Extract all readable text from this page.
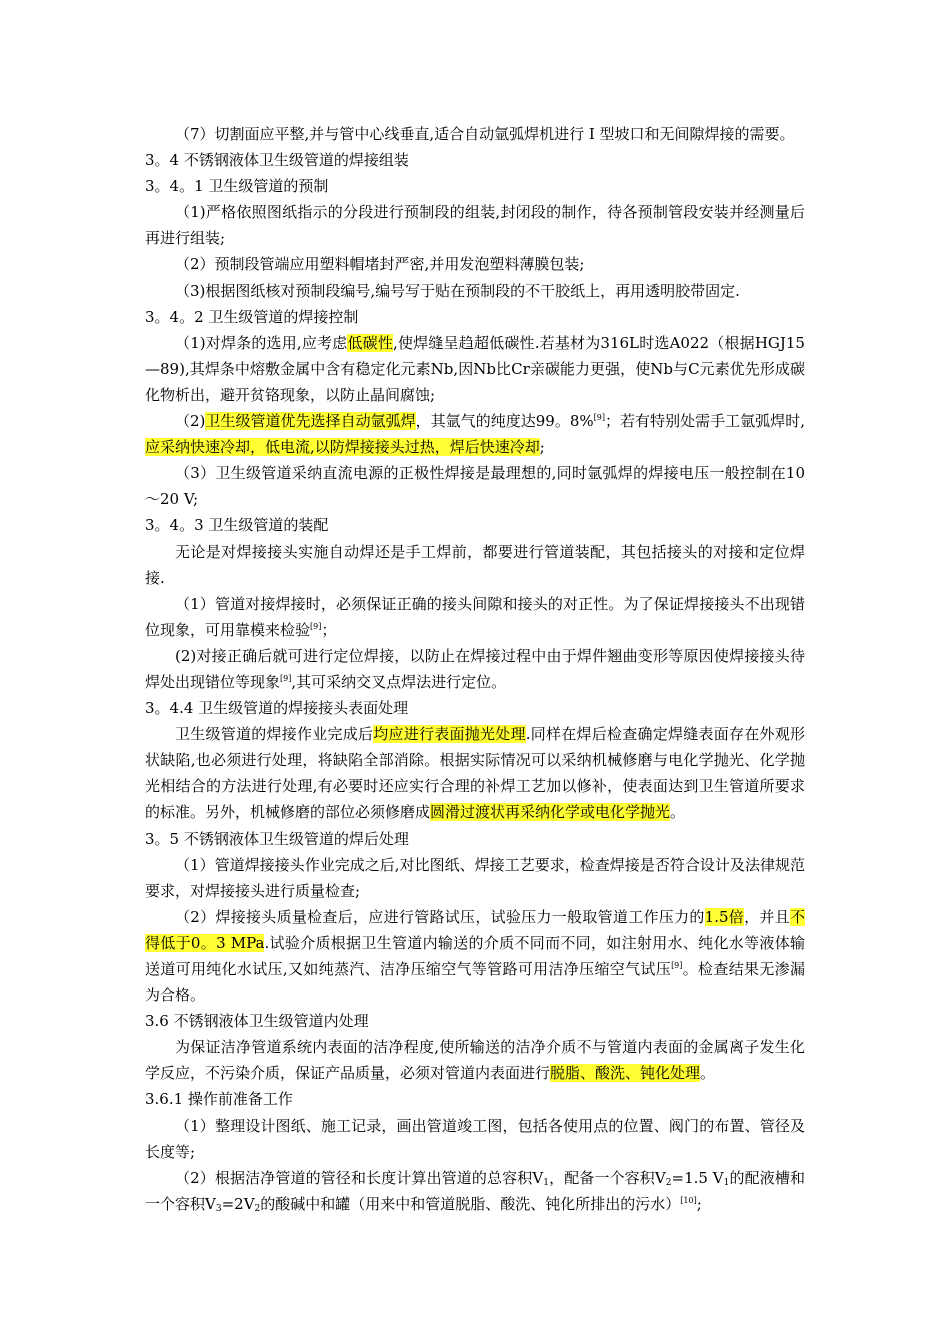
（7）切割面应平整,并与管中心线垂直,适合自动氩弧焊机进行 I 型坡口和无间隙焊接的需要。
3。4 不锈钢液体卫生级管道的焊接组装
3。4。1 卫生级管道的预制
（1)严格依照图纸指示的分段进行预制段的组装,封闭段的制作，待各预制管段安装并经测量后再进行组装;
（2）预制段管端应用塑料帽堵封严密,并用发泡塑料薄膜包装;
（3)根据图纸核对预制段编号,编号写于贴在预制段的不干胶纸上，再用透明胶带固定.
3。4。2 卫生级管道的焊接控制
（1)对焊条的选用,应考虑低碳性,使焊缝呈趋超低碳性.若基材为316L时选A022（根据HGJ15—89),其焊条中熔敷金属中含有稳定化元素Nb,因Nb比Cr亲碳能力更强，使Nb与C元素优先形成碳化物析出，避开贫铬现象，以防止晶间腐蚀;
（2)卫生级管道优先选择自动氩弧焊，其氩气的纯度达99。8%[9]；若有特别处需手工氩弧焊时,应采纳快速冷却，低电流,以防焊接接头过热，焊后快速冷却;
（3）卫生级管道采纳直流电源的正极性焊接是最理想的,同时氩弧焊的焊接电压一般控制在10～20 V;
3。4。3 卫生级管道的装配
无论是对焊接接头实施自动焊还是手工焊前，都要进行管道装配，其包括接头的对接和定位焊接.
（1）管道对接焊接时，必须保证正确的接头间隙和接头的对正性。为了保证焊接接头不出现错位现象，可用靠模来检验[9]；
(2)对接正确后就可进行定位焊接，以防止在焊接过程中由于焊件翘曲变形等原因使焊接接头待焊处出现错位等现象[9],其可采纳交叉点焊法进行定位。
3。4.4 卫生级管道的焊接接头表面处理
卫生级管道的焊接作业完成后均应进行表面抛光处理.同样在焊后检查确定焊缝表面存在外观形状缺陷,也必须进行处理，将缺陷全部消除。根据实际情况可以采纳机械修磨与电化学抛光、化学抛光相结合的方法进行处理,有必要时还应实行合理的补焊工艺加以修补，使表面达到卫生管道所要求的标准。另外，机械修磨的部位必须修磨成圆滑过渡状再采纳化学或电化学抛光。
3。5 不锈钢液体卫生级管道的焊后处理
（1）管道焊接接头作业完成之后,对比图纸、焊接工艺要求，检查焊接是否符合设计及法律规范要求，对焊接接头进行质量检查;
（2）焊接接头质量检查后，应进行管路试压，试验压力一般取管道工作压力的1.5倍，并且不得低于0。3 MPa.试验介质根据卫生管道内输送的介质不同而不同，如注射用水、纯化水等液体输送道可用纯化水试压,又如纯蒸汽、洁净压缩空气等管路可用洁净压缩空气试压[9]。检查结果无渗漏为合格。
3.6 不锈钢液体卫生级管道内处理
为保证洁净管道系统内表面的洁净程度,使所输送的洁净介质不与管道内表面的金属离子发生化学反应，不污染介质，保证产品质量，必须对管道内表面进行脱脂、酸洗、钝化处理。
3.6.1 操作前准备工作
（1）整理设计图纸、施工记录，画出管道竣工图，包括各使用点的位置、阀门的布置、管径及长度等;
（2）根据洁净管道的管径和长度计算出管道的总容积$V_1$，配备一个容积$V_2=1.5$ $V_1$的配液槽和一个容积$V_3=2V_2$的酸碱中和罐（用来中和管道脱脂、酸洗、钝化所排出的污水）[10];
